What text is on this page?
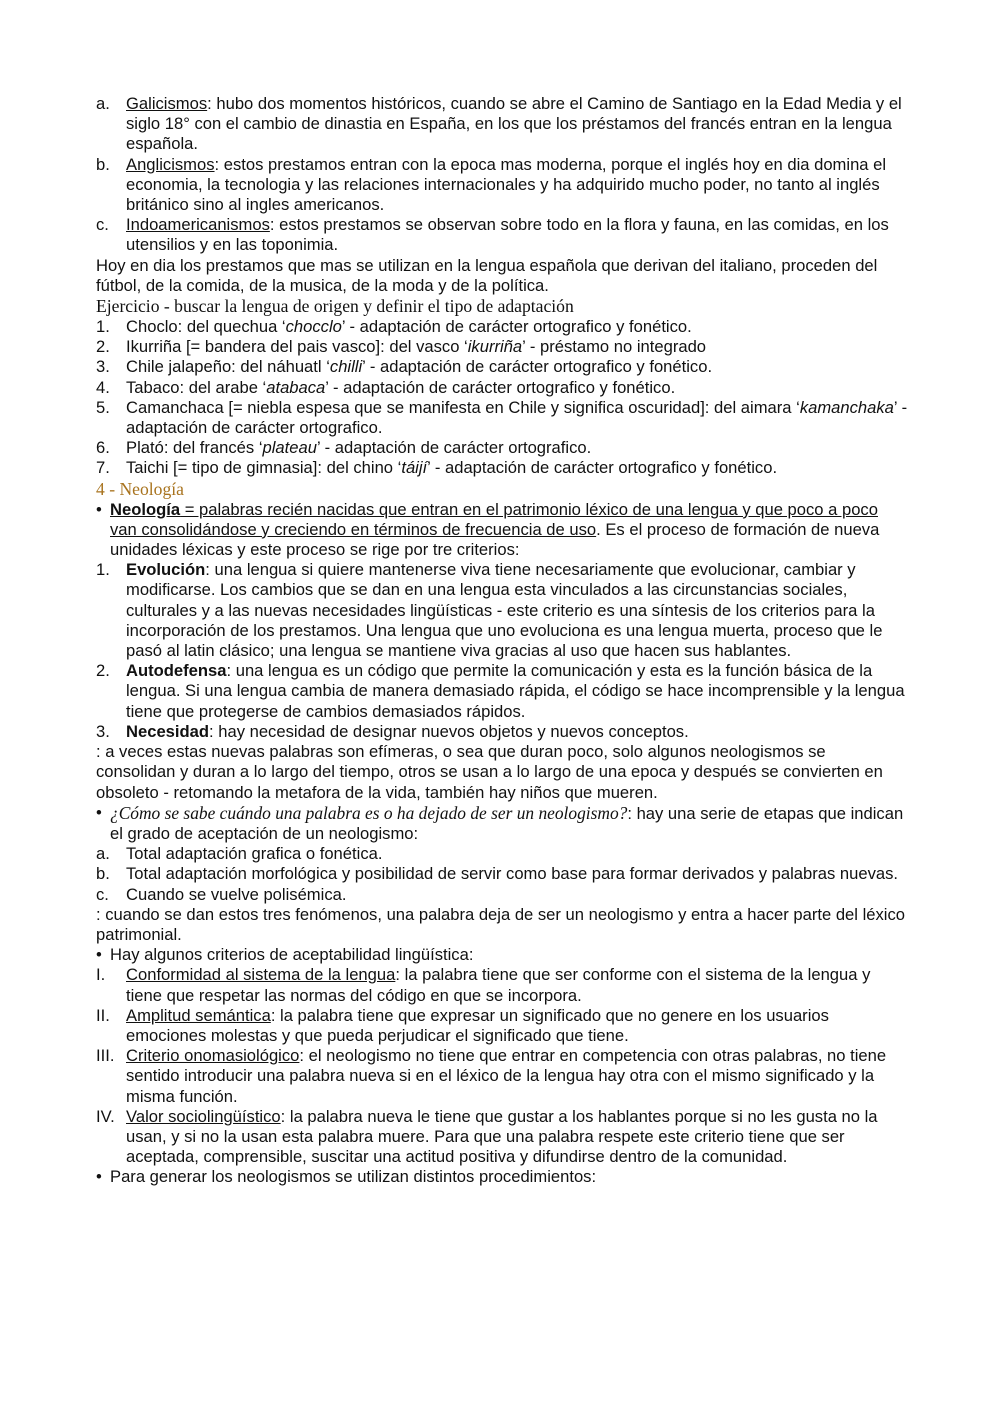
a. Galicismos: hubo dos momentos históricos, cuando se abre el Camino de Santiago en la Edad Media y el siglo 18° con el cambio de dinastia en España, en los que los préstamos del francés entran en la lengua española.
b. Anglicismos: estos prestamos entran con la epoca mas moderna, porque el inglés hoy en dia domina el economia, la tecnologia y las relaciones internacionales y ha adquirido mucho poder, no tanto al inglés británico sino al ingles americanos.
c.	Indoamericanismos: estos prestamos se observan sobre todo en la flora y fauna, en las comidas, en los utensilios y en las toponimia.
Hoy en dia los prestamos que mas se utilizan en la lengua española que derivan del italiano, proceden del fútbol, de la comida, de la musica, de la moda y de la política.
Ejercicio - buscar la lengua de origen y definir el tipo de adaptación
1. Choclo: del quechua ‘chocclo’ - adaptación de carácter ortografico y fonético.
2. Ikurriña [= bandera del pais vasco]: del vasco ‘ikurriña’ - préstamo no integrado
3. Chile jalapeño: del náhuatl ‘chilli’ - adaptación de carácter ortografico y fonético.
4. Tabaco: del arabe ‘atabaca’ - adaptación de carácter ortografico y fonético.
5. Camanchaca [= niebla espesa que se manifesta en Chile y significa oscuridad]: del aimara ‘kamanchaka’ - adaptación de carácter ortografico.
6. Plató: del francés ‘plateau’ - adaptación de carácter ortografico.
7. Taichi [= tipo de gimnasia]: del chino ‘táijí’ - adaptación de carácter ortografico y fonético.
4 - Neología
• Neología = palabras recién nacidas que entran en el patrimonio léxico de una lengua y que poco a poco van consolidándose y creciendo en términos de frecuencia de uso. Es el proceso de formación de nueva unidades léxicas y este proceso se rige por tre criterios:
1. Evolución: una lengua si quiere mantenerse viva tiene necesariamente que evolucionar, cambiar y modificarse. Los cambios que se dan en una lengua esta vinculados a las circunstancias sociales, culturales y a las nuevas necesidades lingüísticas - este criterio es una síntesis de los criterios para la incorporación de los prestamos. Una lengua que uno evoluciona es una lengua muerta, proceso que le pasó al latin clásico; una lengua se mantiene viva gracias al uso que hacen sus hablantes.
2. Autodefensa: una lengua es un código que permite la comunicación y esta es la función básica de la lengua. Si una lengua cambia de manera demasiado rápida, el código se hace incomprensible y la lengua tiene que protegerse de cambios demasiados rápidos.
3. Necesidad: hay necesidad de designar nuevos objetos y nuevos conceptos.
: a veces estas nuevas palabras son efímeras, o sea que duran poco, solo algunos neologismos se consolidan y duran a lo largo del tiempo, otros se usan a lo largo de una epoca y después se convierten en obsoleto - retomando la metafora de la vida, también hay niños que mueren.
• ¿Cómo se sabe cuándo una palabra es o ha dejado de ser un neologismo?: hay una serie de etapas que indican el grado de aceptación de un neologismo:
a. Total adaptación grafica o fonética.
b. Total adaptación morfológica y posibilidad de servir como base para formar derivados y palabras nuevas.
c.	Cuando se vuelve polisémica.
: cuando se dan estos tres fenómenos, una palabra deja de ser un neologismo y entra a hacer parte del léxico patrimonial.
• Hay algunos criterios de aceptabilidad lingüística:
I.	Conformidad al sistema de la lengua: la palabra tiene que ser conforme con el sistema de la lengua y tiene que respetar las normas del código en que se incorpora.
II. Amplitud semántica: la palabra tiene que expresar un significado que no genere en los usuarios emociones molestas y que pueda perjudicar el significado que tiene.
III. Criterio onomasiológico: el neologismo no tiene que entrar en competencia con otras palabras, no tiene sentido introducir una palabra nueva si en el léxico de la lengua hay otra con el mismo significado y la misma función.
IV. Valor sociolingüístico: la palabra nueva le tiene que gustar a los hablantes porque si no les gusta no la usan, y si no la usan esta palabra muere. Para que una palabra respete este criterio tiene que ser aceptada, comprensible, suscitar una actitud positiva y difundirse dentro de la comunidad.
• Para generar los neologismos se utilizan distintos procedimientos:
